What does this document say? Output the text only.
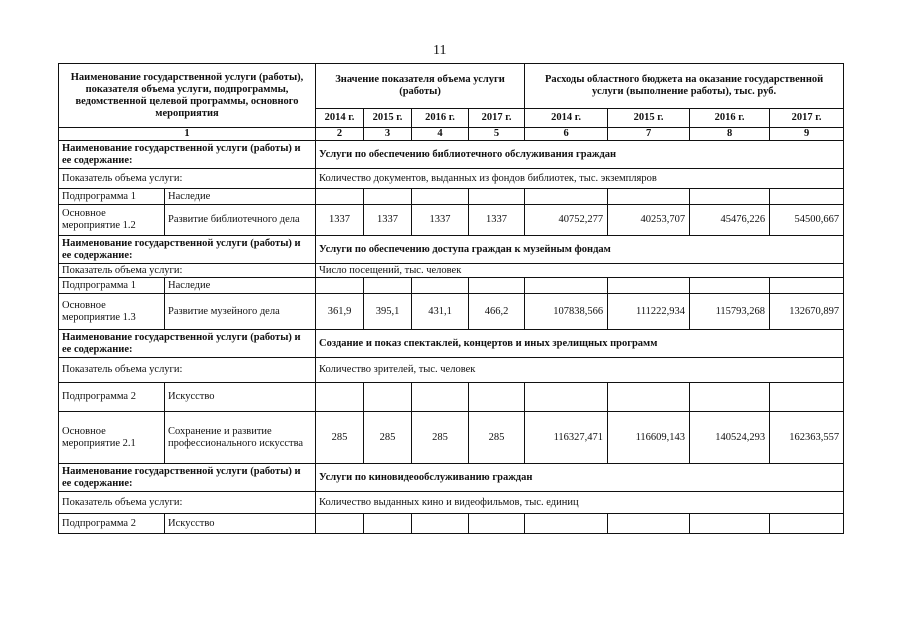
11
Наименование государственной услуги (работы), показателя объема услуги, подпрограммы, ведомственной целевой программы, основного мероприятия		Значение показателя объема услуги (работы)				Расходы областного бюджета на оказание государственной услуги (выполнение работы), тыс. руб.			
		2014 г.	2015 г.	2016 г.	2017 г.	2014 г.	2015 г.	2016 г.	2017 г.
1		2	3	4	5	6	7	8	9
Наименование государственной услуги (работы) и ее содержание:		Услуги по обеспечению библиотечного обслуживания граждан							
Показатель объема услуги:		Количество документов, выданных из фондов библиотек, тыс. экземпляров							
Подпрограмма 1	Наследие								
Основное мероприятие 1.2	Развитие библиотечного дела	1337	1337	1337	1337	40752,277	40253,707	45476,226	54500,667
Наименование государственной услуги (работы) и ее содержание:		Услуги по обеспечению доступа граждан к музейным фондам							
Показатель объема услуги:		Число посещений, тыс. человек							
Подпрограмма 1	Наследие								
Основное мероприятие 1.3	Развитие музейного дела	361,9	395,1	431,1	466,2	107838,566	111222,934	115793,268	132670,897
Наименование государственной услуги (работы) и ее содержание:		Создание и показ спектаклей, концертов и иных зрелищных программ							
Показатель объема услуги:		Количество зрителей, тыс. человек							
Подпрограмма 2	Искусство								
Основное мероприятие 2.1	Сохранение и развитие профессионального искусства	285	285	285	285	116327,471	116609,143	140524,293	162363,557
Наименование государственной услуги (работы) и ее содержание:		Услуги по киновидеообслуживанию граждан							
Показатель объема услуги:		Количество выданных кино и видеофильмов, тыс. единиц							
Подпрограмма 2	Искусство								
